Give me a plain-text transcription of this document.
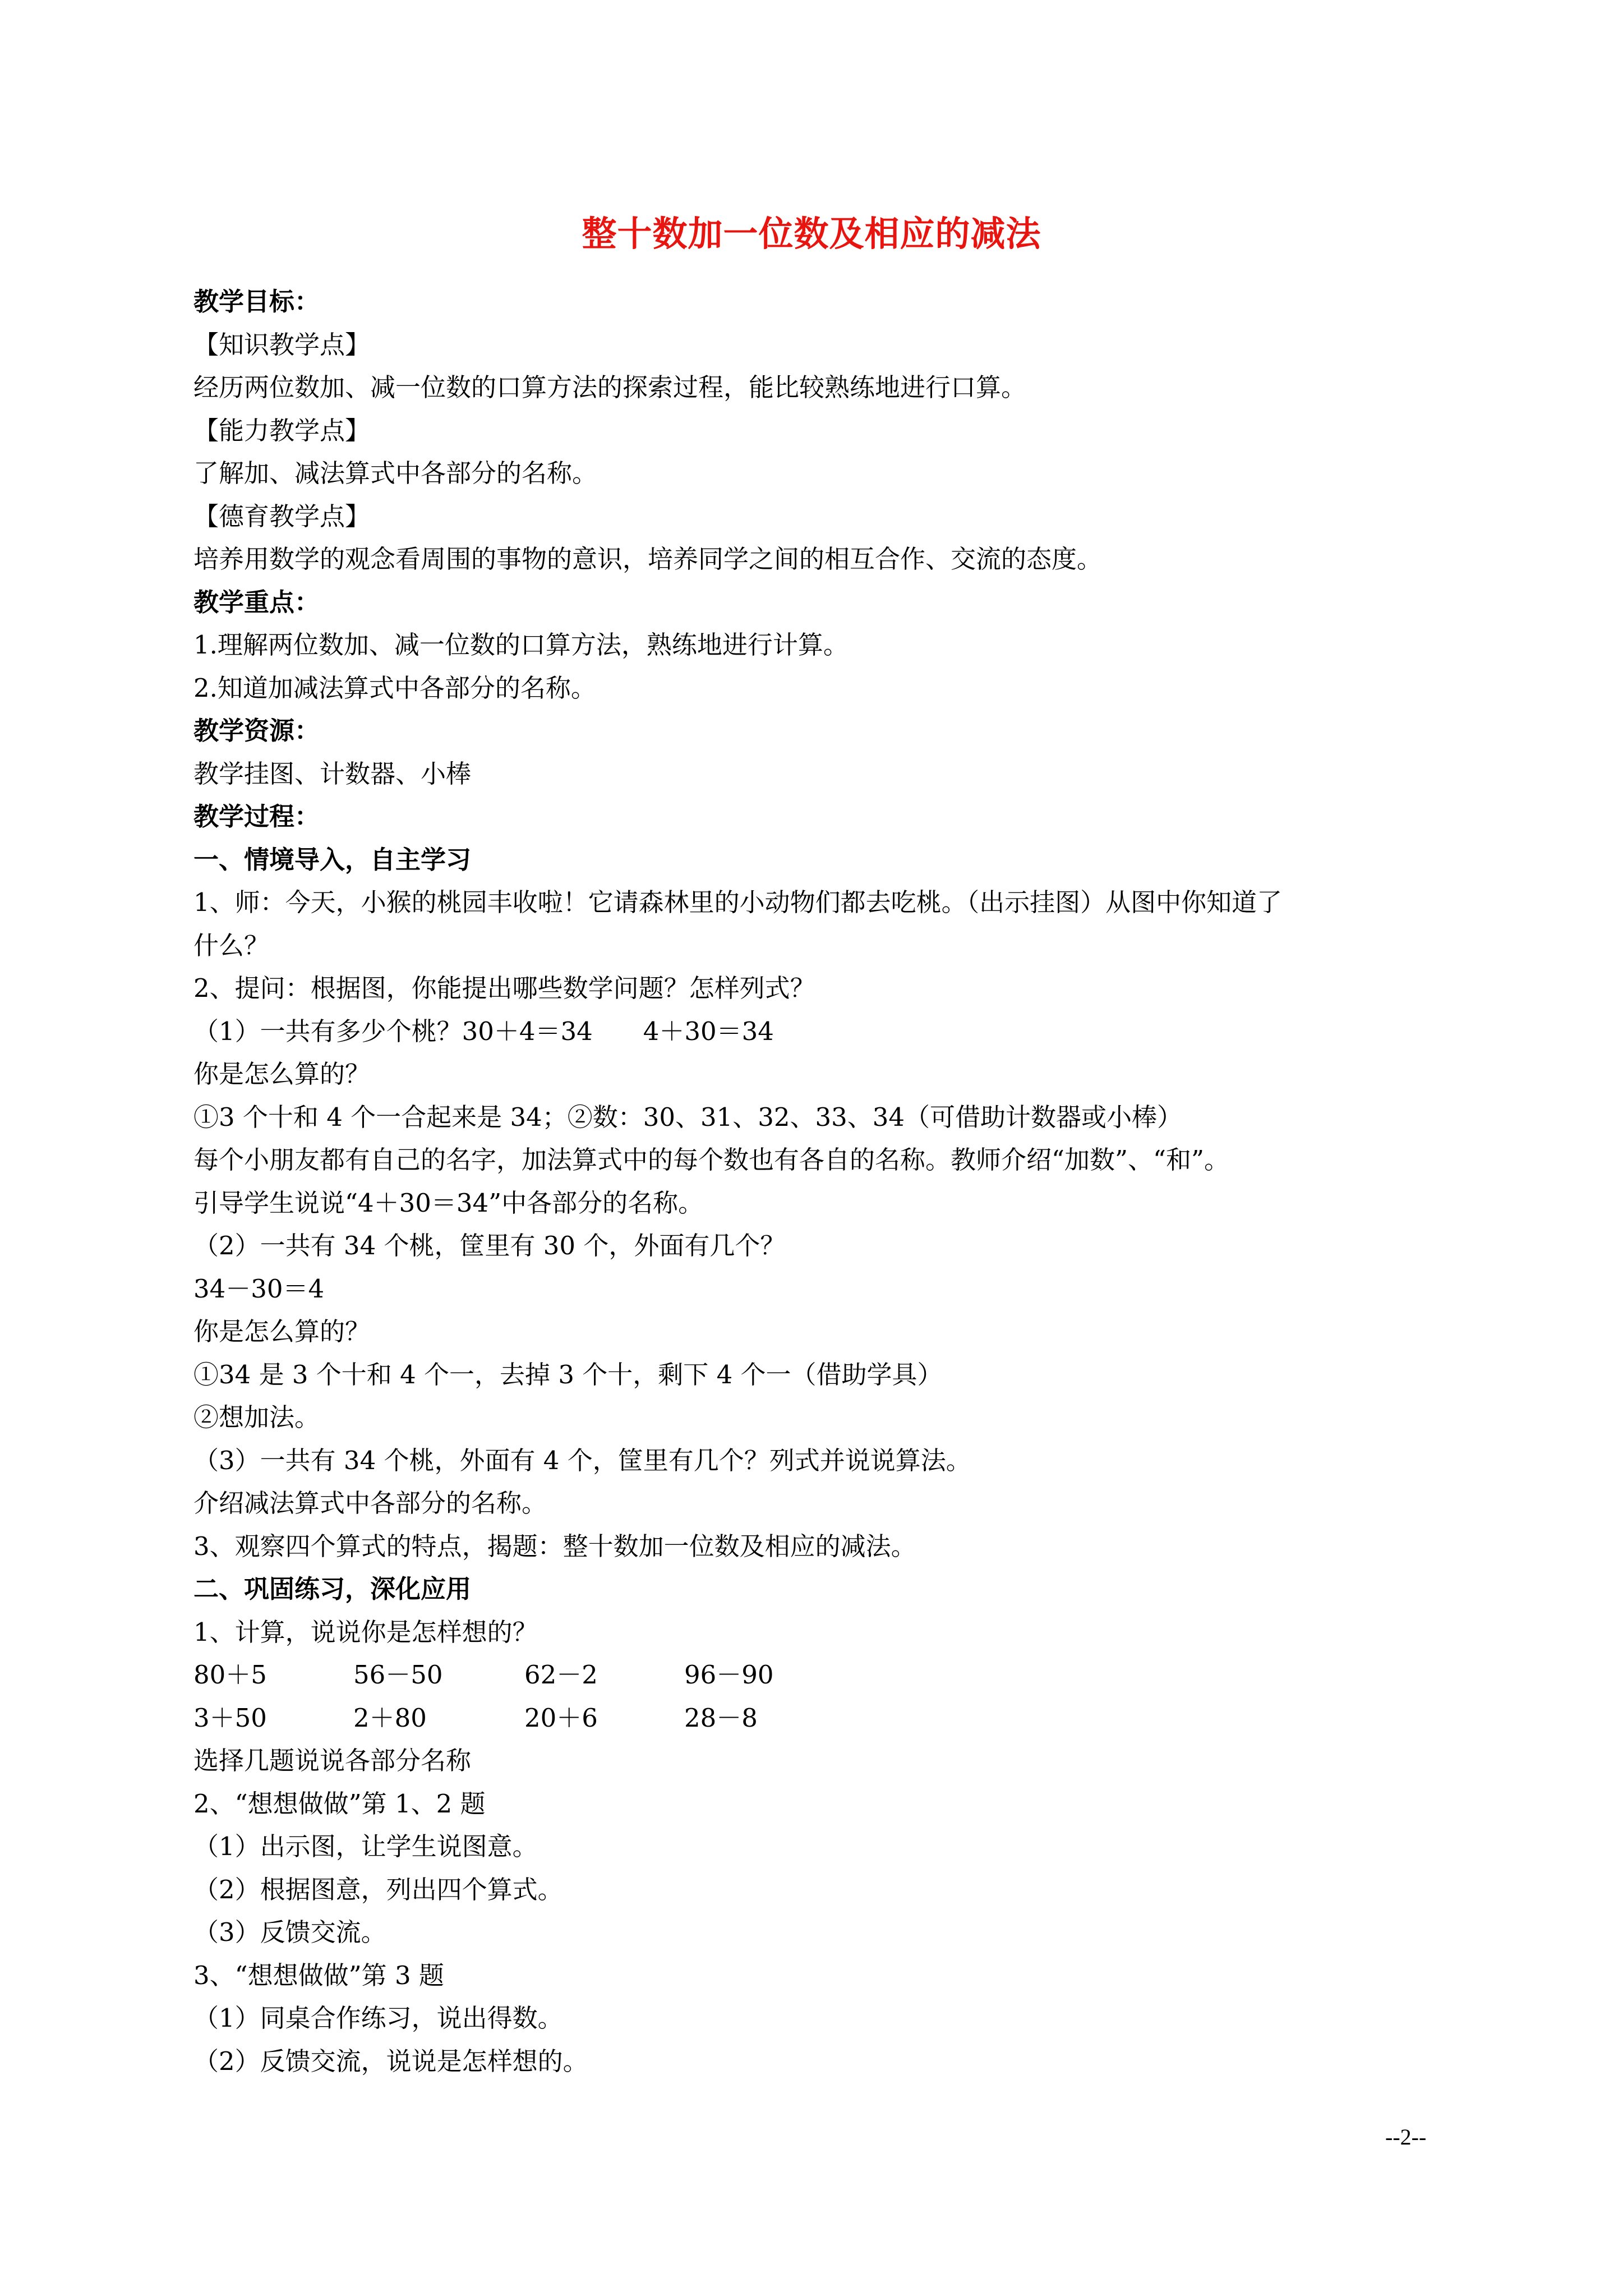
整十数加一位数及相应的减法
教学目标：
【知识教学点】
经历两位数加、减一位数的口算方法的探索过程，能比较熟练地进行口算。
【能力教学点】
了解加、减法算式中各部分的名称。
【德育教学点】
培养用数学的观念看周围的事物的意识，培养同学之间的相互合作、交流的态度。
教学重点：
1.理解两位数加、减一位数的口算方法，熟练地进行计算。
2.知道加减法算式中各部分的名称。
教学资源：
教学挂图、计数器、小棒
教学过程：
一、情境导入，自主学习
1、师：今天，小猴的桃园丰收啦！它请森林里的小动物们都去吃桃。（出示挂图）从图中你知道了
什么？
2、提问：根据图，你能提出哪些数学问题？怎样列式？
（1）一共有多少个桃？30＋4＝34　　4＋30＝34
你是怎么算的？
①3 个十和 4 个一合起来是 34；②数：30、31、32、33、34（可借助计数器或小棒）
每个小朋友都有自己的名字，加法算式中的每个数也有各自的名称。教师介绍“加数”、“和”。
引导学生说说“4＋30＝34”中各部分的名称。
（2）一共有 34 个桃，筐里有 30 个，外面有几个？
34－30＝4
你是怎么算的？
①34 是 3 个十和 4 个一，去掉 3 个十，剩下 4 个一（借助学具）
②想加法。
（3）一共有 34 个桃，外面有 4 个，筐里有几个？列式并说说算法。
介绍减法算式中各部分的名称。
3、观察四个算式的特点，揭题：整十数加一位数及相应的减法。
二、巩固练习，深化应用
1、计算，说说你是怎样想的？
80＋5	56－50	62－2	96－90
3＋50	2＋80	20＋6	28－8
选择几题说说各部分名称
2、“想想做做”第 1、2 题
（1）出示图，让学生说图意。
（2）根据图意，列出四个算式。
（3）反馈交流。
3、“想想做做”第 3 题
（1）同桌合作练习，说出得数。
（2）反馈交流，说说是怎样想的。
--2--
